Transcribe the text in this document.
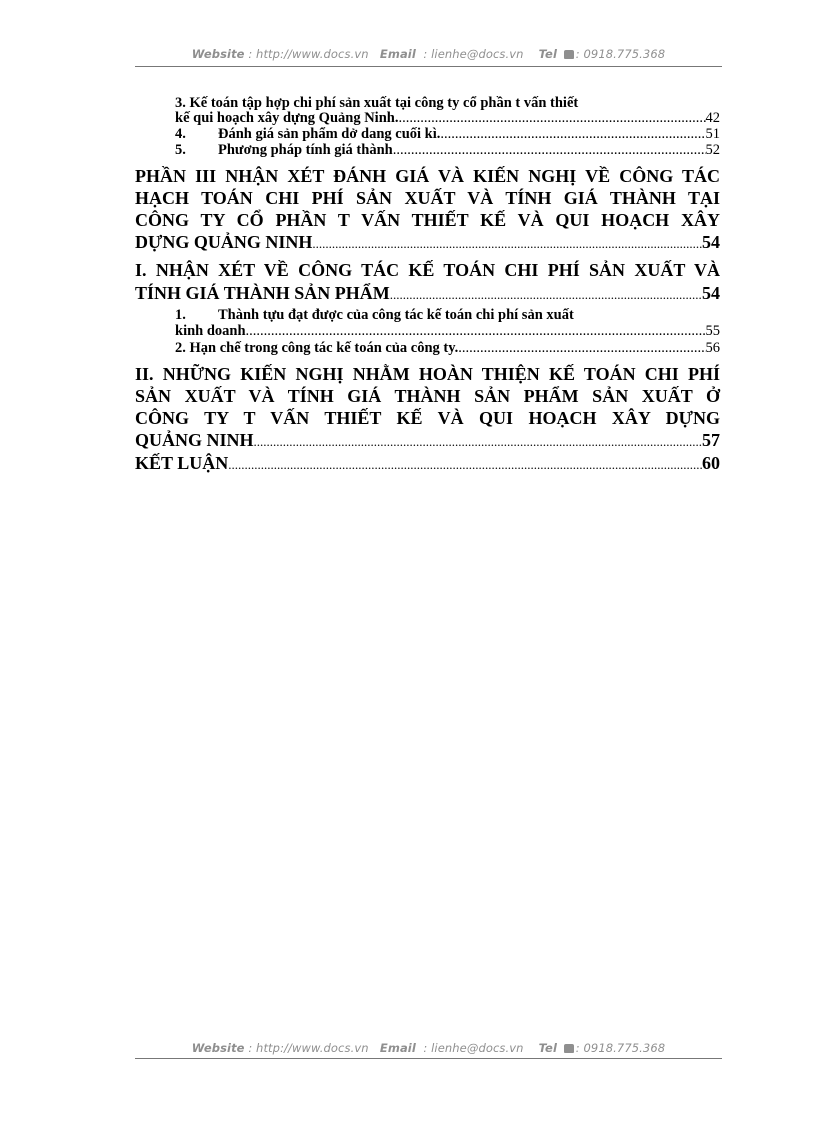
Website : http://www.docs.vn Email : lienhe@docs.vn Tel : 0918.775.368
3. Kế toán tập hợp chi phí sản xuất tại công ty cổ phần t vấn thiết
kế qui hoạch xây dựng Quảng Ninh. .....	42
4.	Đánh giá sản phẩm dở dang cuối kì. .....	51
5.	Phương pháp tính giá thành .....	52
PHẦN III NHẬN XÉT ĐÁNH GIÁ VÀ KIẾN NGHỊ VỀ CÔNG TÁC
HẠCH TOÁN CHI PHÍ SẢN XUẤT VÀ TÍNH GIÁ THÀNH TẠI
CÔNG TY CỔ PHẦN T VẤN THIẾT KẾ VÀ QUI HOẠCH XÂY
DỰNG QUẢNG NINH .....	54
I. NHẬN XÉT VỀ CÔNG TÁC KẾ TOÁN CHI PHÍ SẢN XUẤT VÀ
TÍNH GIÁ THÀNH SẢN PHẨM .....	54
1. Thành tựu đạt được của công tác kế toán chi phí sản xuất
kinh doanh .....	55
2. Hạn chế trong công tác kế toán của công ty. .....	56
II. NHỮNG KIẾN NGHỊ NHẰM HOÀN THIỆN KẾ TOÁN CHI PHÍ
SẢN XUẤT VÀ TÍNH GIÁ THÀNH SẢN PHẨM SẢN XUẤT Ở
CÔNG TY T VẤN THIẾT KẾ VÀ QUI HOẠCH XÂY DỰNG
QUẢNG NINH .....	57
KẾT LUẬN .....	60
Website : http://www.docs.vn Email : lienhe@docs.vn Tel : 0918.775.368
